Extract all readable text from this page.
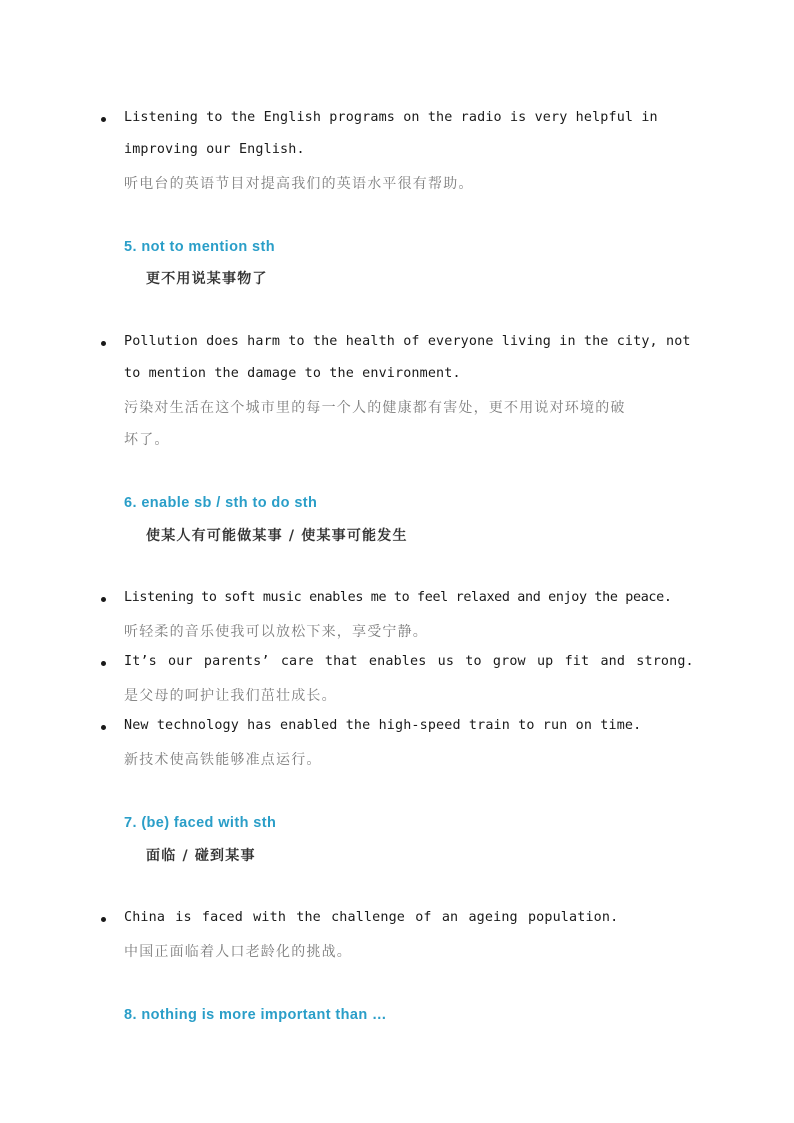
Listening to the English programs on the radio is very helpful in
improving our English.
听电台的英语节目对提高我们的英语水平很有帮助。
5. not to mention sth
更不用说某事物了
Pollution does harm to the health of everyone living in the city, not
to mention the damage to the environment.
污染对生活在这个城市里的每一个人的健康都有害处，更不用说对环境的破
坏了。
6. enable sb / sth to do sth
使某人有可能做某事 / 使某事可能发生
Listening to soft music enables me to feel relaxed and enjoy the peace.
听轻柔的音乐使我可以放松下来，享受宁静。
It’s our parents’ care that enables us to grow up fit and strong.
是父母的呵护让我们茁壮成长。
New technology has enabled the high-speed train to run on time.
新技术使高铁能够准点运行。
7. (be) faced with sth
面临 / 碰到某事
China is faced with the challenge of an ageing population.
中国正面临着人口老龄化的挑战。
8. nothing is more important than …
